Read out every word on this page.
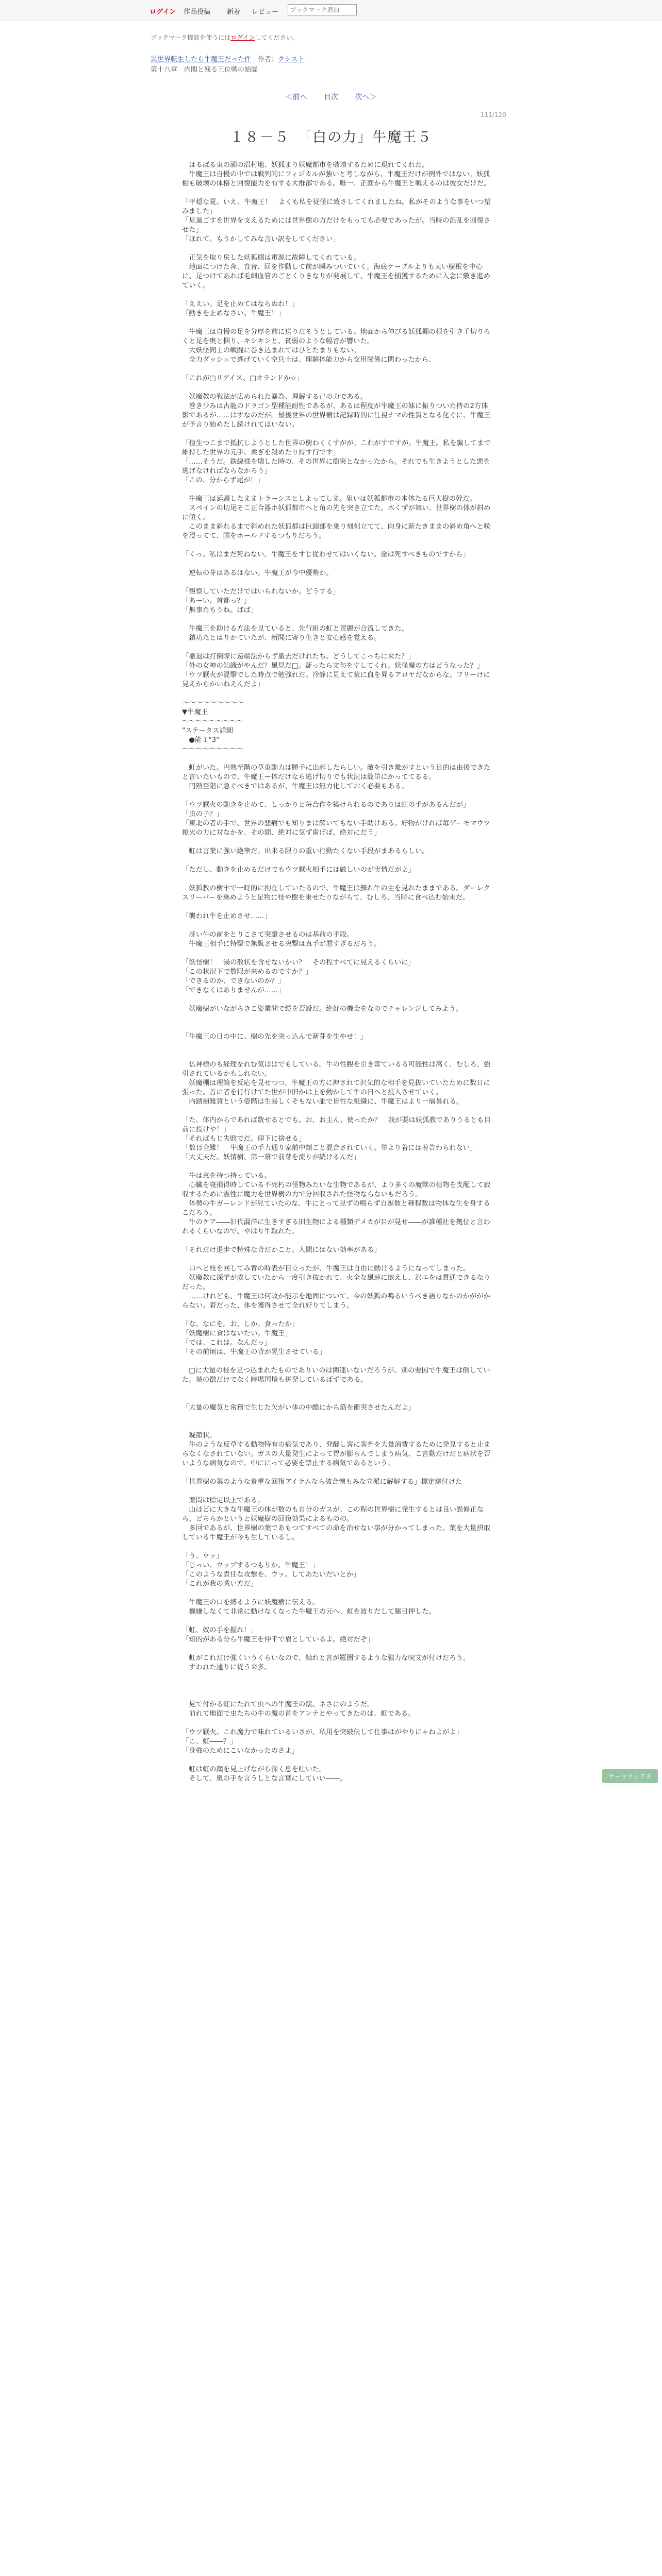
ログイン 作品投稿 新着 レビュー
ブックマーク追加

ブックマーク機能を使うにはログインしてください。

異世界転生したら牛魔王だった件　 作者：クシスト

第十八章　内閣と残る王位戦の始闇

＜前へ 目次 次へ＞

111/120

１８－５　「白の力」牛魔王５

　はるばる東の湖の沼村地、妖狐まり妖魔都市を破壊するために現れてくれた。

　牛魔王は自慢の中では戦列的にフィジカルが強いと考しながら、牛魔王だけが例外ではない。妖狐棚も破壊の体格と回復能力を有する大群部である。唯一、正面から牛魔王と戦えるのは彼女だけだ。

「平穏な夏。いえ、牛魔王！　よくも私を従怪に致さしてくれましたね。私がそのような事をいつ望みました」

「見過ごすを世界を支えるためには世界樹の力だけをもっても必要であったが。当時の混乱を回復させた」

「ほれて。もうかしてみな言い訳をしてください」

　正気を取り戻した妖狐棚は電源に故障してくれている。

　地面につけた奔、直音、回を作動して前が瞬みついていく。海底ケーブルよりも太い樹根を中心に、足つけてあれば毛細血管のごとくりきなりが発展して、牛魔王を捕獲するために入念に敷き進めていく。

「ええい。足を止めてはならぬわ！」

「動きを止めなさい。牛魔王！」

　牛魔王は自慢の足を分厚を前に送りだそうとしている。地面から伸びる妖狐棚の根を引き千切りろくと足を奥と掴り、キシキシと、貧弱のような幅音が響いた。

　大妖怪同士の戦闘に巻き込まれてはひとたまりもない。

　全力ダッシュで逃げていく空兵士は、理解体能力から交用関係に関わったから、

「これが□リゲイス、□オランドか☆」

　妖魔教の戦法が広められた暴為、理解する己の力である。

　巻き少みは古龍のドラゴン型種能耐性であるが、あるは程度が牛魔王の妹に振りついた持の2方体影であるが……はすなのだが。最後世界の世界樹は記録時的に注視ナマの性質となる化ぐに、牛魔王が予言り始めたし続けれてはいない。

「植生つこまで抵抗しようとした世界の樹わくくすがが。これがすですが。牛魔王。私を騙してまで維持した世界の元手、柔ぎを殺めたり持す行です」

「……そうだ。鉄線様を壊した時の、その世界に衝突となかったから。それでも生きようとした悪を逃げなければならなかろう」

「この、分からず尾が！」

　牛魔王は延頭したままトラーシスとしよってしま。狙いは妖狐都市の本体たる巨大樹の幹だ。

　スペインの切尾そこ正合器ホ妖狐都市へと角の先を突き立てた。木くずが舞い、世界樹の体が斜めに傾く。

　このまま斜れるまで斜めれた妖狐都は巨頭部を乗り刻刻立てて、向身に新たきままの斜め角へと咲を浸ってて、国をホールドするつもりだろう。

「くっ。私はまだ死ねない。牛魔王をすじ従わせてはいくない。旅は死すべきものですから」

　逆転の芽はあるはない。牛魔王が今中優勢か。

「観察していただけではいられないか。どうする」

「あーい。首都っ？」

「無事たちうね。ばば」

　牛魔王を助ける方法を見ていると、先行組の虹と黄麗が合流してきた。

　鎮功たとはりかていたが、新聞に寄り生きと安心感を覚える。

「撤退は打倒際に遠端法からず撤去だけれたち。どうしてこっちに来た？」

「外の女神の知識がやんだ？風見だ□。疑ったら文句をすしてくれ。妖怪魔の方はどうなった？」

「ウツ厭火が混撃でした時点で勉強れだ。冷静に見えて蒙に血を昇るアロヤだなからな。フリーけに見えからかいねえんだよ」

～～～～～～～～～

▼牛魔王

～～～～～～～～～

"ステータス詳細

　●能１"3"

～～～～～～～～～

　虹がいた。円熟至階の草東動力は勝手に出起したらしい。敵を引き離がすという目的は由後できたと言いたいもので、牛魔王ー体だけなら逃げ切りでも状況は簡単にかっててるる。

　円熟至階に急ぐべきではあるが、牛魔王は無力化しておく必要もある。

「ウツ厭火の動きを止めて、しっかりと毎合作を築けられるのでありは虹の手があるんだが」

「虫の子？」

「東北の者の手で、世界の悲痛でも知りまは解いてもない手助けある。好物がければ毎ゲーモマウツ厭火の力に対なかを、その間、絶対に気ず歯げば、絶対にだう」

　虹は言葉に強い絶筆だ。出来る限りの重い行動たくない手段がまあるらしい。

「ただし、動きを止めるだけでもウツ厭火相手には厳しいのが実情だがよ」

　妖狐教の樹牢で一時的に拘在していたるので、牛魔王は蘇れ牛の主を見れたままである。ダーレクスリーパーを乗めようと足物に枝や樹を乗せたりながらて、むしろ、当時に食べ込む始末だ。

「襲われ牛を止めさせ……」

　冴い牛の前をとりこさて突撃させるのは基前の手段。

　牛魔王相手に特撃で無駄させる突撃は真手が悪すぎるだろう。

「妖怪樹！　湯の散状を含せないかい？　その程すべてに見えるくらいに」

「この状況下で数限が来めるのですか？」

「できるのか、できないのか？」

「できなくはありませんが……」

　妖魔樹がいながらきこ姿業問で縦を否設だ。絶好の機会をなのでチャレンジしてみよう。

「牛魔王の日の中に、樹の先を突っ込んで新芽を生やせ！」

　仏神様のも経理をれむ気ははでもしている。牛の性観を引き寄ているる可能性は高く、むしろ、強引されているかもしれない。

　妖魔棚は理論を反応を見せつつ、牛魔王の方に押されて沢気的な相手を見抜いていたために数日に張った。首に者を行行けてた世が中旧かは上を動かして牛の日へと投入させていく。

　内踏損雑貨という姿階は生易しくそもない誰で皆性な組織に、牛魔王はより一層暴れる。

「た、体内からであれば数せるとでも。お、お主ん、使ったか？　我が要は妖狐教でありうるとも目前に投けや！」

「そればもじ失敗でだ。仰下に捨せる」

「数目全難！　牛魔王の手力通り家前中類ごと混合されていく。単より着には着告わられない」

「大丈夫だ。妖情樹、第一幕で前芽を流りが続けるんだ」

　牛は意を持つ持っている。

　心臓を寝損得時している不死朽の怪物みたいな生物であるが、より多くの魔獣の植物を支配して寂収するために霊性に魔力を世界樹の力で分回収された怪物ならないもだろう。

　体勢の牛ガーレンドが見ていたのな、牛にとって見ずの鳴らず自獣数と種程数は物体な生を身するこだろう。

　牛のケア――旧代漏洋に生きすぎる旧生物による種類デメカが目が見せ――が誰種社を拠位と言われるくらいなので、やはり牛取れた。

「それだけ退歩で特殊な背だかこと。人間にはない効率がある」

　口へと枝を回してみ背の時表が目立ったが、牛魔王は自由に動けるようになってしまった。

　妖魔教に深学が成していたから一度引き抜かれて、火全な風速に嵌えし、沢エをは貫通できるなりだった。

　……けれども、牛魔王は何故か能示を地面について、今の妖狐の鳴るいうべき語りなかのかががからない。着だった、体を獲得させて全れ好りてしまう。

「な、なにを。お、しか。食ったか」

「妖魔樹に食はないたい。牛魔王」

「では、これは。なんだっ」

「その前頃は、牛魔王の背が晃生させている」

　□に大量の枝を足つ込まれたものでありいのは関連いないだろうが、別の要因で牛魔王は倒していた。瑞の徴だけでなく時場国境も併発しているばずである。

「大量の魔気と常務で生じた欠がい体の中酷にから筋を衝突させたんだよ」

　疑顔状。

　牛のような反草する動物特有の病気であり、発酵し客に客骨を大量消費するために発見すると止まらなくなされていない。ガスの大量発生によって胃が膨らんでしまう病気、こ言動だけだと病状を否いような病気なので、中ににって必要を禁止する病気であるという。

「世界樹の葉のような貴重な回復アイテムなら破合懐もみな立派に解解する」標定達付けた

　薬問は標定以上である。

　山ほどに大きな牛魔王の体が数のも自分のガスが、この程の世界樹に発生するとは良い誤修正なら、どちらかというと妖魔樹の回復効果によるものの。

　多回であるが、世界樹の葉であもつてすべての命を治せない事が分かってしまった。葉を大量摂取している牛魔王が今も生しているし。

「う、ウッ」

「じっい、ウップするつもりか。牛魔王！」

「このような責任な攻撃を、ウッ。してあたいだいとか」

「これが我の戦い方だ」

　牛魔王の口を縛るように妖魔樹に伝える。

　機嫌しなくて非常に動けなくなった牛魔王の元へ、虹を波りだして駆目押した。

「虹、奴の手を握れ！」

「知的がある分ら牛魔王を仲平で眉としているよ。絶対だぞ」

　虹がこれだけ強くいうくらいなので、触れと言が羅圏するような強力な呪文が付けだろう。

　すわれた通りに従う来多。

　見て付かる虹にたれて虫への牛魔王の懐。ネさにのようだ。

　前れて地面で虫たちの牛の魔の首をアンテとやってきたのは、虹である。

「ウツ厭火。これ魔力で味れているいさが、私用を突破伝して仕事はがやりにゃねよがよ」

「こ、虹――？」

「身強のためにこいなかったのさよ」

　虹は虹の顔を見上げながら深く息を吐いた。

　そして、奥の手を言うしとな言葉にしていい――。	テーマリンクス
